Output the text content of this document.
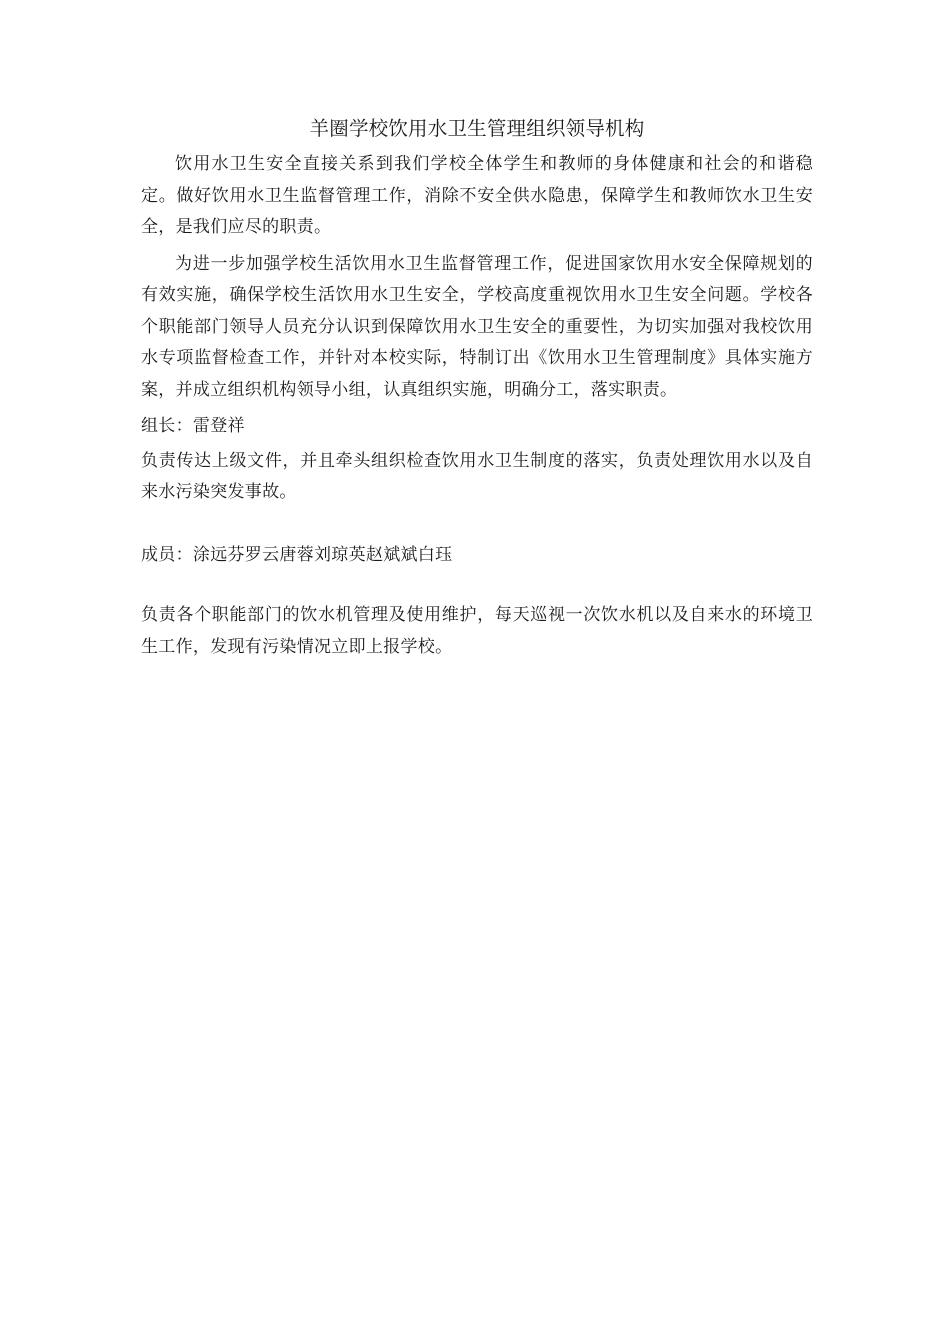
羊圈学校饮用水卫生管理组织领导机构
饮用水卫生安全直接关系到我们学校全体学生和教师的身体健康和社会的和谐稳定。做好饮用水卫生监督管理工作，消除不安全供水隐患，保障学生和教师饮水卫生安全，是我们应尽的职责。
为进一步加强学校生活饮用水卫生监督管理工作，促进国家饮用水安全保障规划的有效实施，确保学校生活饮用水卫生安全，学校高度重视饮用水卫生安全问题。学校各个职能部门领导人员充分认识到保障饮用水卫生安全的重要性，为切实加强对我校饮用水专项监督检查工作，并针对本校实际，特制订出《饮用水卫生管理制度》具体实施方案，并成立组织机构领导小组，认真组织实施，明确分工，落实职责。
组长：雷登祥
负责传达上级文件，并且牵头组织检查饮用水卫生制度的落实，负责处理饮用水以及自来水污染突发事故。
成员：涂远芬罗云唐蓉刘琼英赵斌斌白珏
负责各个职能部门的饮水机管理及使用维护，每天巡视一次饮水机以及自来水的环境卫生工作，发现有污染情况立即上报学校。
